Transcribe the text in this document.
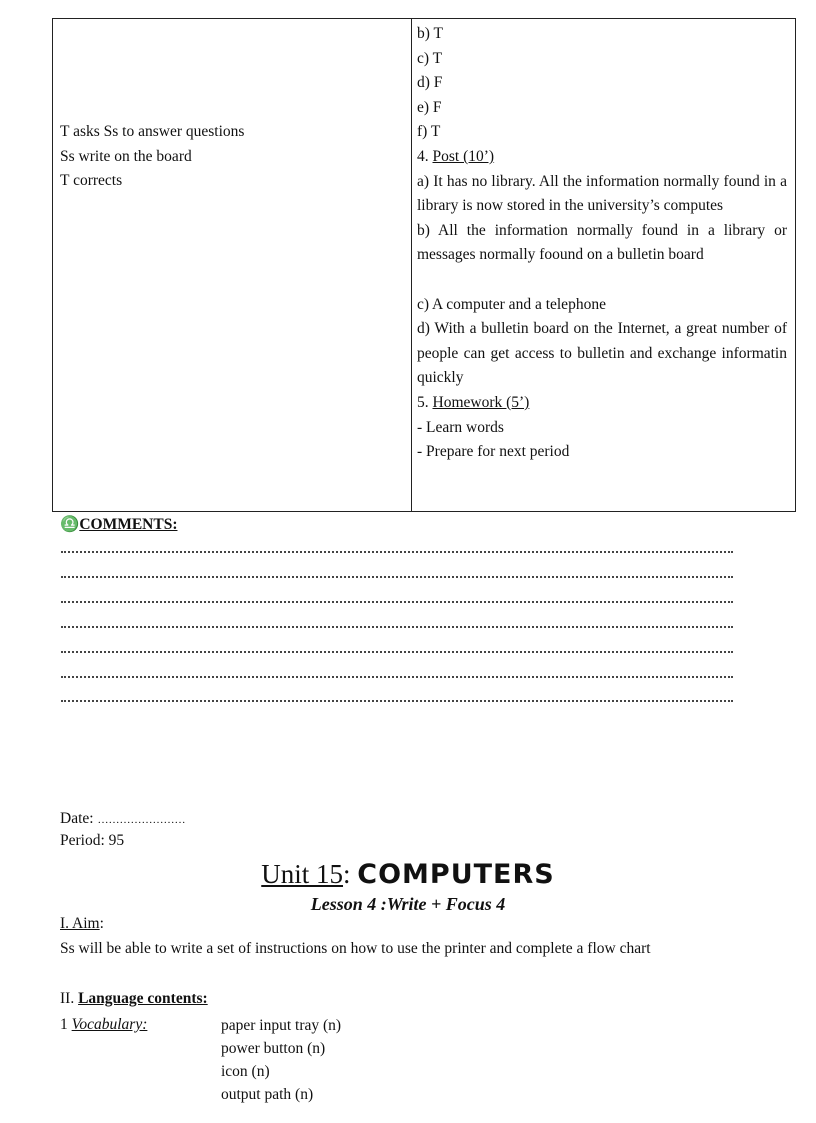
T asks Ss to answer questions
Ss write on the board
T corrects
b) T
c) T
d) F
e) F
f) T
4. Post (10’)
a) It has no library. All the information normally found in a library is now stored in the university’s computes
b) All the information normally found in a library or messages normally foound on a bulletin board
c) A computer and a telephone
d) With a bulletin board on the Internet, a great number of people can get access to bulletin and exchange informatin quickly
5. Homework (5’)
- Learn words
- Prepare for next period
♎COMMENTS:
Date: ……………………
Period: 95
Unit 15: COMPUTERS
Lesson 4 :Write + Focus 4
I. Aim:
Ss will be able to write a set of instructions on how to use the printer and complete a flow chart
II. Language contents:
1 Vocabulary:	paper input tray (n)
power button (n)
icon (n)
output path (n)
